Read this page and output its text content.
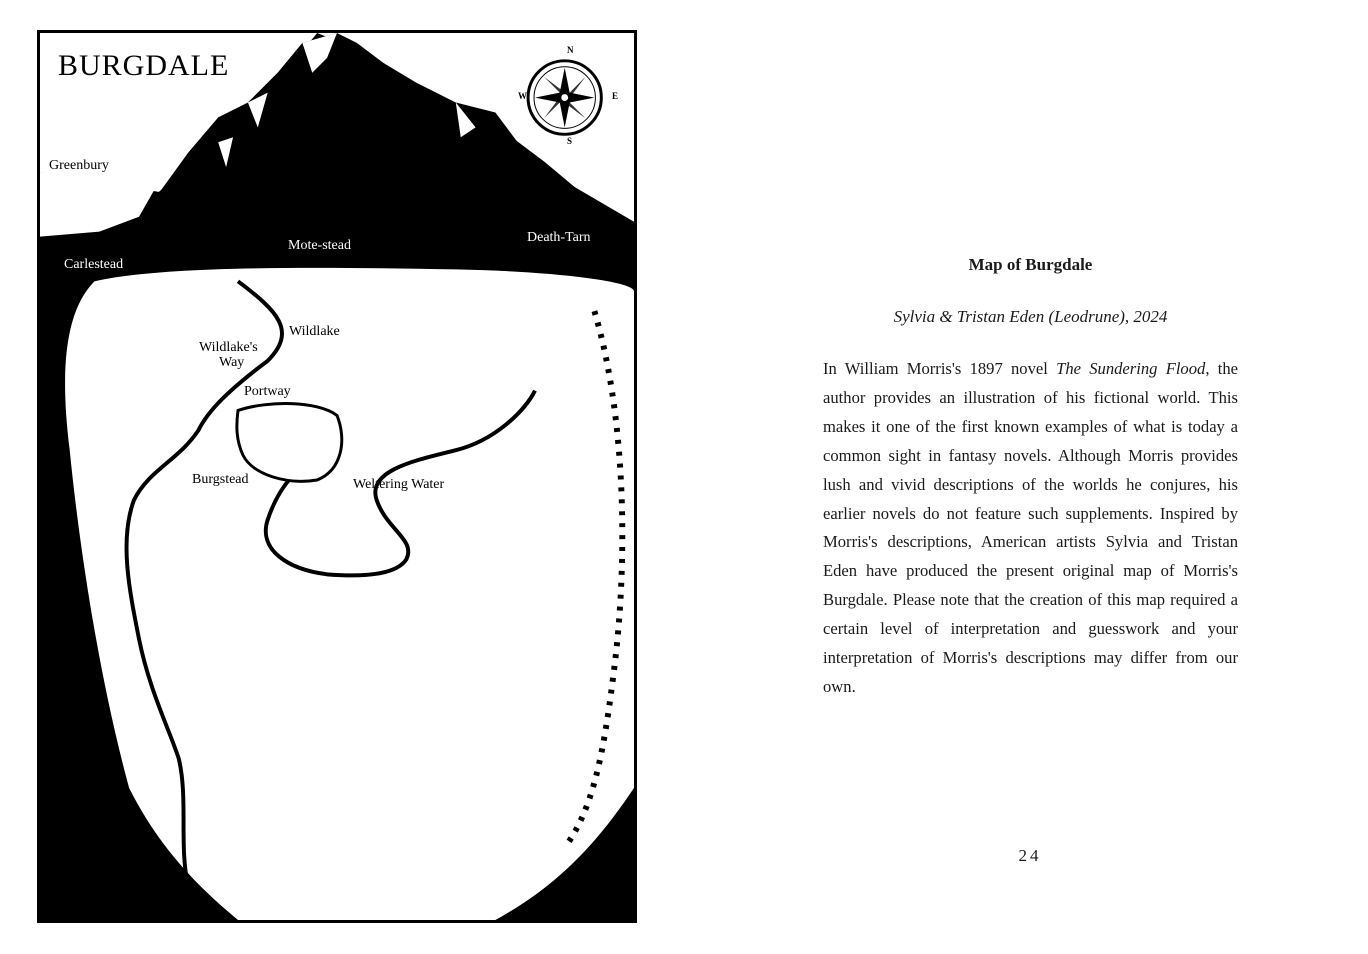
BURGDALE	N
S
E
W
Greenbury
Carlestead
Mote-stead
Death-Tarn
Wildlake
Wildlake's
Way
Portway
Burgstead	Weltering Water

Map of Burgdale

Sylvia & Tristan Eden (Leodrune), 2024

In William Morris's 1897 novel The Sundering Flood, the author provides an illustration of his fictional world. This makes it one of the first known examples of what is today a common sight in fantasy novels. Although Morris provides lush and vivid descriptions of the worlds he conjures, his earlier novels do not feature such supplements. Inspired by Morris's descriptions, American artists Sylvia and Tristan Eden have produced the present original map of Morris's Burgdale. Please note that the creation of this map required a certain level of interpretation and guesswork and your interpretation of Morris's descriptions may differ from our own.

24
